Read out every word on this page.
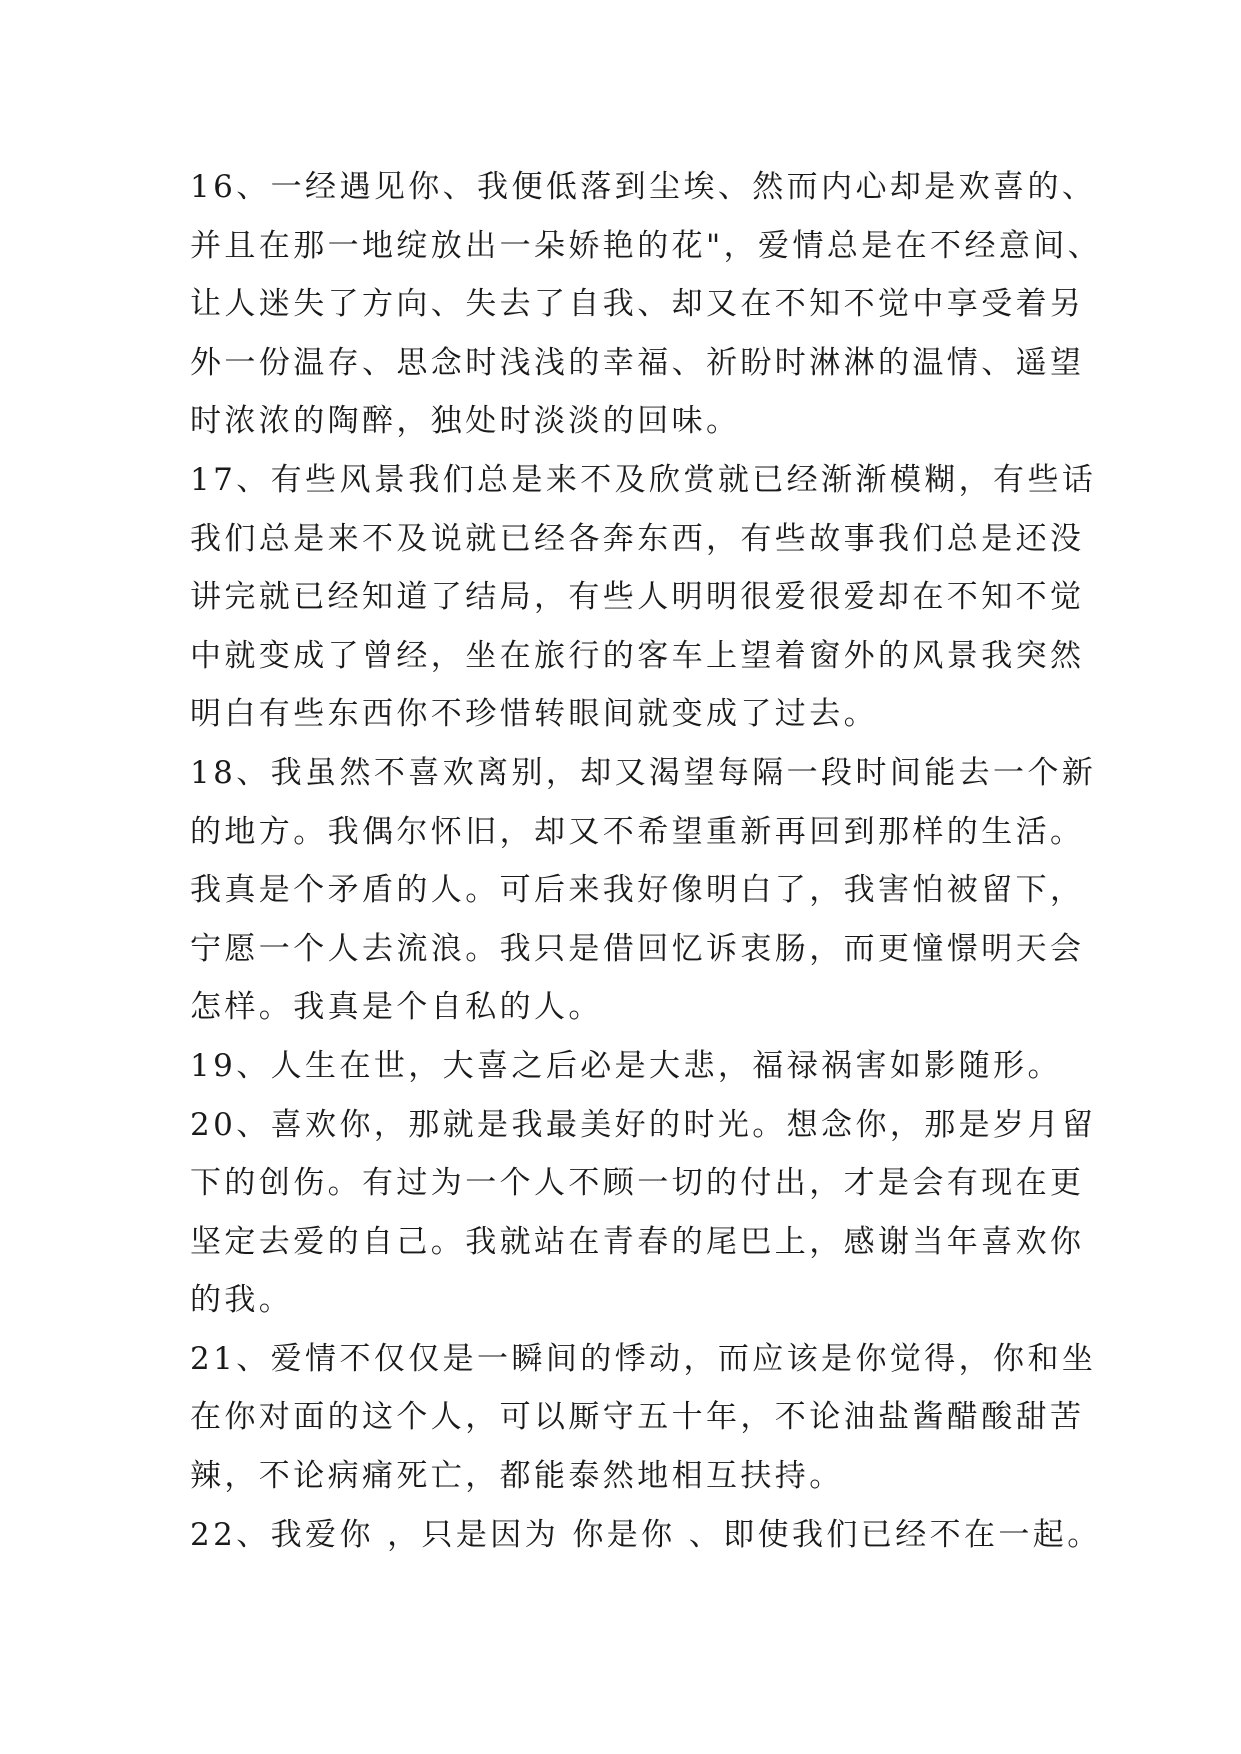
16、一经遇见你、我便低落到尘埃、然而内心却是欢喜的、
并且在那一地绽放出一朵娇艳的花"，爱情总是在不经意间、
让人迷失了方向、失去了自我、却又在不知不觉中享受着另
外一份温存、思念时浅浅的幸福、祈盼时淋淋的温情、遥望
时浓浓的陶醉，独处时淡淡的回味。
17、有些风景我们总是来不及欣赏就已经渐渐模糊，有些话
我们总是来不及说就已经各奔东西，有些故事我们总是还没
讲完就已经知道了结局，有些人明明很爱很爱却在不知不觉
中就变成了曾经，坐在旅行的客车上望着窗外的风景我突然
明白有些东西你不珍惜转眼间就变成了过去。
18、我虽然不喜欢离别，却又渴望每隔一段时间能去一个新
的地方。我偶尔怀旧，却又不希望重新再回到那样的生活。
我真是个矛盾的人。可后来我好像明白了，我害怕被留下，
宁愿一个人去流浪。我只是借回忆诉衷肠，而更憧憬明天会
怎样。我真是个自私的人。
19、人生在世，大喜之后必是大悲，福禄祸害如影随形。
20、喜欢你，那就是我最美好的时光。想念你，那是岁月留
下的创伤。有过为一个人不顾一切的付出，才是会有现在更
坚定去爱的自己。我就站在青春的尾巴上，感谢当年喜欢你
的我。
21、爱情不仅仅是一瞬间的悸动，而应该是你觉得，你和坐
在你对面的这个人，可以厮守五十年，不论油盐酱醋酸甜苦
辣，不论病痛死亡，都能泰然地相互扶持。
22、我爱你 ，只是因为 你是你 、即使我们已经不在一起。
